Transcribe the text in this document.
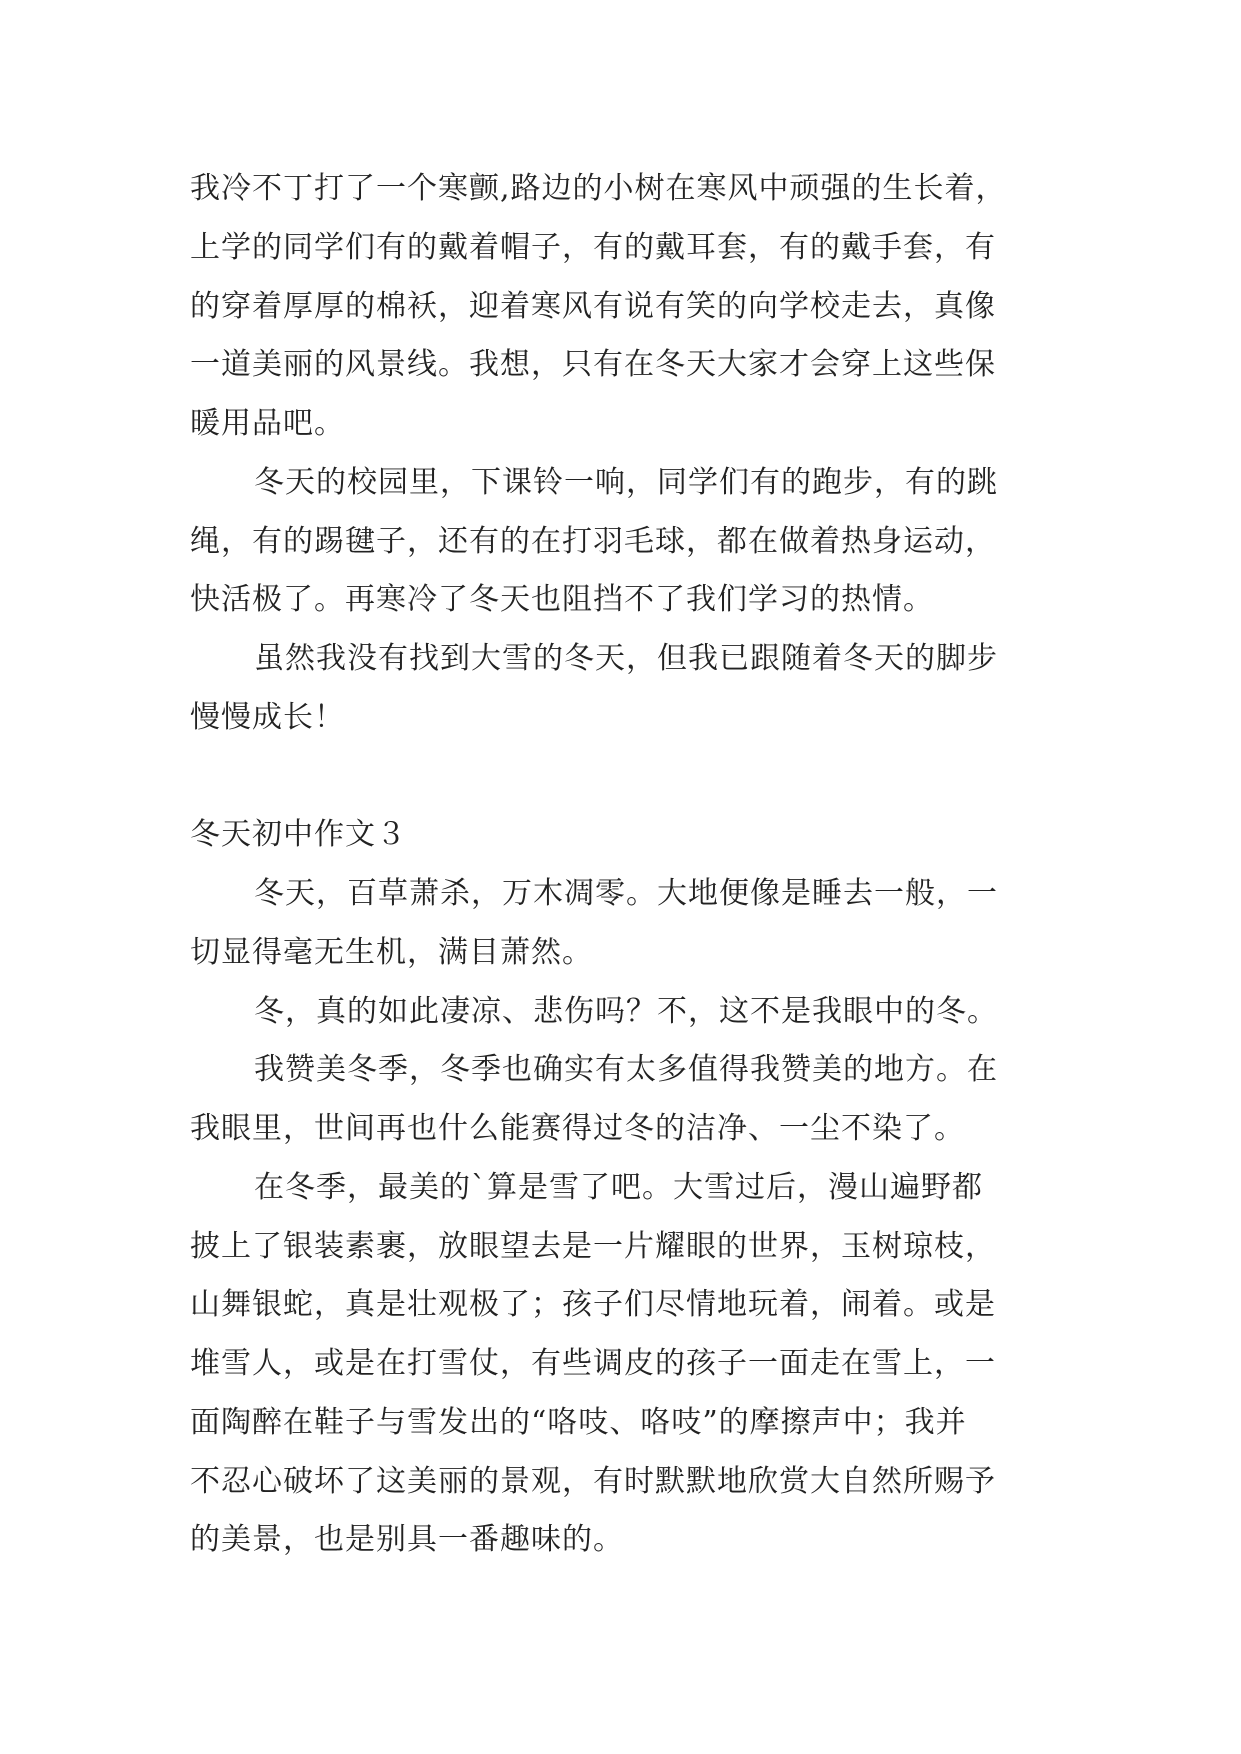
我冷不丁打了一个寒颤,路边的小树在寒风中顽强的生长着，
上学的同学们有的戴着帽子，有的戴耳套，有的戴手套，有
的穿着厚厚的棉袄，迎着寒风有说有笑的向学校走去，真像
一道美丽的风景线。我想，只有在冬天大家才会穿上这些保
暖用品吧。
冬天的校园里，下课铃一响，同学们有的跑步，有的跳
绳，有的踢毽子，还有的在打羽毛球，都在做着热身运动，
快活极了。再寒冷了冬天也阻挡不了我们学习的热情。
虽然我没有找到大雪的冬天，但我已跟随着冬天的脚步
慢慢成长！
冬天初中作文３
冬天，百草萧杀，万木凋零。大地便像是睡去一般，一
切显得毫无生机，满目萧然。
冬，真的如此凄凉、悲伤吗？不，这不是我眼中的冬。
我赞美冬季，冬季也确实有太多值得我赞美的地方。在
我眼里，世间再也什么能赛得过冬的洁净、一尘不染了。
在冬季，最美的`算是雪了吧。大雪过后，漫山遍野都
披上了银装素裹，放眼望去是一片耀眼的世界，玉树琼枝，
山舞银蛇，真是壮观极了；孩子们尽情地玩着，闹着。或是
堆雪人，或是在打雪仗，有些调皮的孩子一面走在雪上，一
面陶醉在鞋子与雪发出的“咯吱、咯吱”的摩擦声中；我并
不忍心破坏了这美丽的景观，有时默默地欣赏大自然所赐予
的美景，也是别具一番趣味的。
